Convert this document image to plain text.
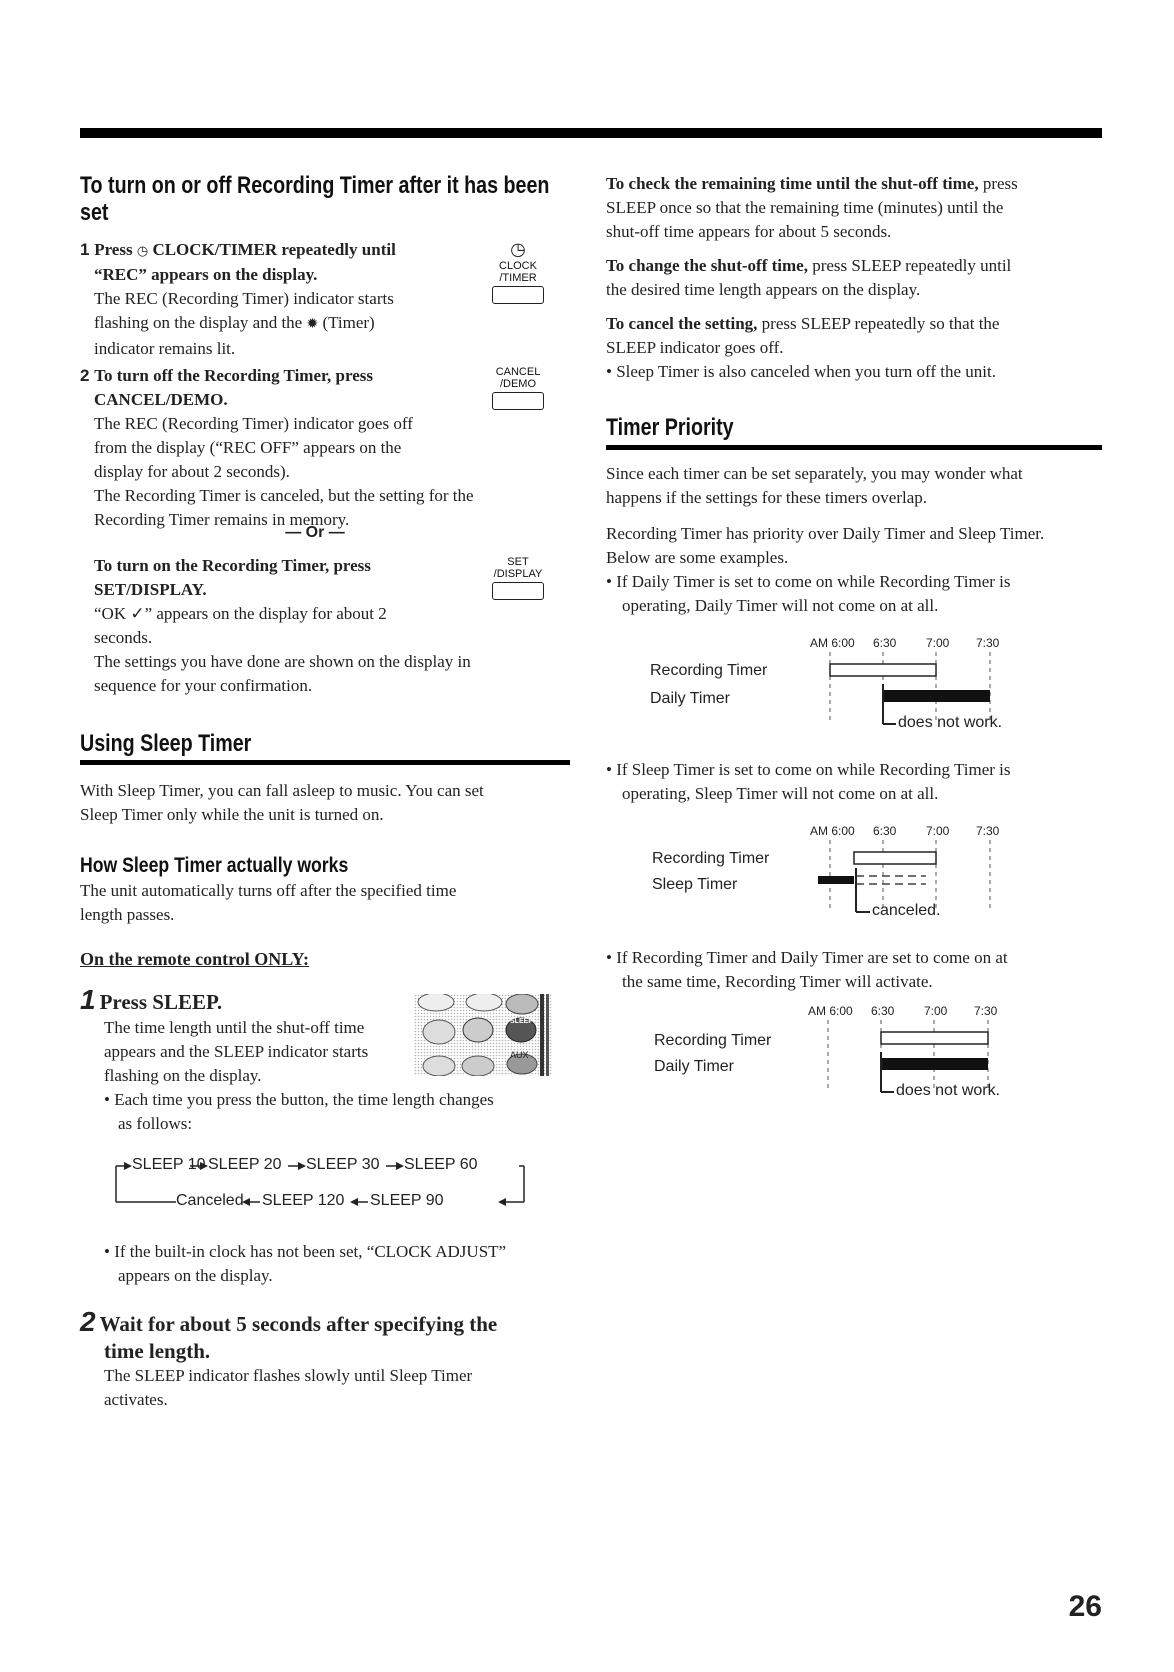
To turn on or off Recording Timer after it has been set
1 Press ◷ CLOCK/TIMER repeatedly until
“REC” appears on the display.

The REC (Recording Timer) indicator starts

flashing on the display and the ✹ (Timer)

indicator remains lit.

◷
CLOCK
/TIMER
2 To turn off the Recording Timer, press
CANCEL/DEMO.

The REC (Recording Timer) indicator goes off

from the display (“REC OFF” appears on the

display for about 2 seconds).

The Recording Timer is canceled, but the setting for the

Recording Timer remains in memory.

CANCEL
/DEMO
— Or —
To turn on the Recording Timer, press
SET/DISPLAY.

“OK ✓” appears on the display for about 2

seconds.

The settings you have done are shown on the display in

sequence for your confirmation.

SET
/DISPLAY
Using Sleep Timer

With Sleep Timer, you can fall asleep to music. You can set

Sleep Timer only while the unit is turned on.

How Sleep Timer actually works

The unit automatically turns off after the specified time

length passes.

On the remote control ONLY:
1 Press SLEEP.

The time length until the shut-off time

appears and the SLEEP indicator starts

flashing on the display.

• Each time you press the button, the time length changes

as follows:

SLEEP
AUX
SLEEP 10 SLEEP 20 SLEEP 30 SLEEP 60
Canceled SLEEP 120 SLEEP 90

• If the built-in clock has not been set, “CLOCK ADJUST”

appears on the display.

2 Wait for about 5 seconds after specifying the
time length.

The SLEEP indicator flashes slowly until Sleep Timer

activates.

To check the remaining time until the shut-off time, press

SLEEP once so that the remaining time (minutes) until the

shut-off time appears for about 5 seconds.

To change the shut-off time, press SLEEP repeatedly until

the desired time length appears on the display.

To cancel the setting, press SLEEP repeatedly so that the

SLEEP indicator goes off.

• Sleep Timer is also canceled when you turn off the unit.

Timer Priority

Since each timer can be set separately, you may wonder what

happens if the settings for these timers overlap.

Recording Timer has priority over Daily Timer and Sleep Timer.

Below are some examples.

• If Daily Timer is set to come on while Recording Timer is

operating, Daily Timer will not come on at all.

AM 6:00 6:30 7:00 7:30
Recording Timer
Daily Timer
does not work.

• If Sleep Timer is set to come on while Recording Timer is

operating, Sleep Timer will not come on at all.

AM 6:00 6:30 7:00 7:30
Recording Timer
Sleep Timer
canceled.

• If Recording Timer and Daily Timer are set to come on at

the same time, Recording Timer will activate.

AM 6:00 6:30 7:00 7:30
Recording Timer
Daily Timer
does not work.
26
